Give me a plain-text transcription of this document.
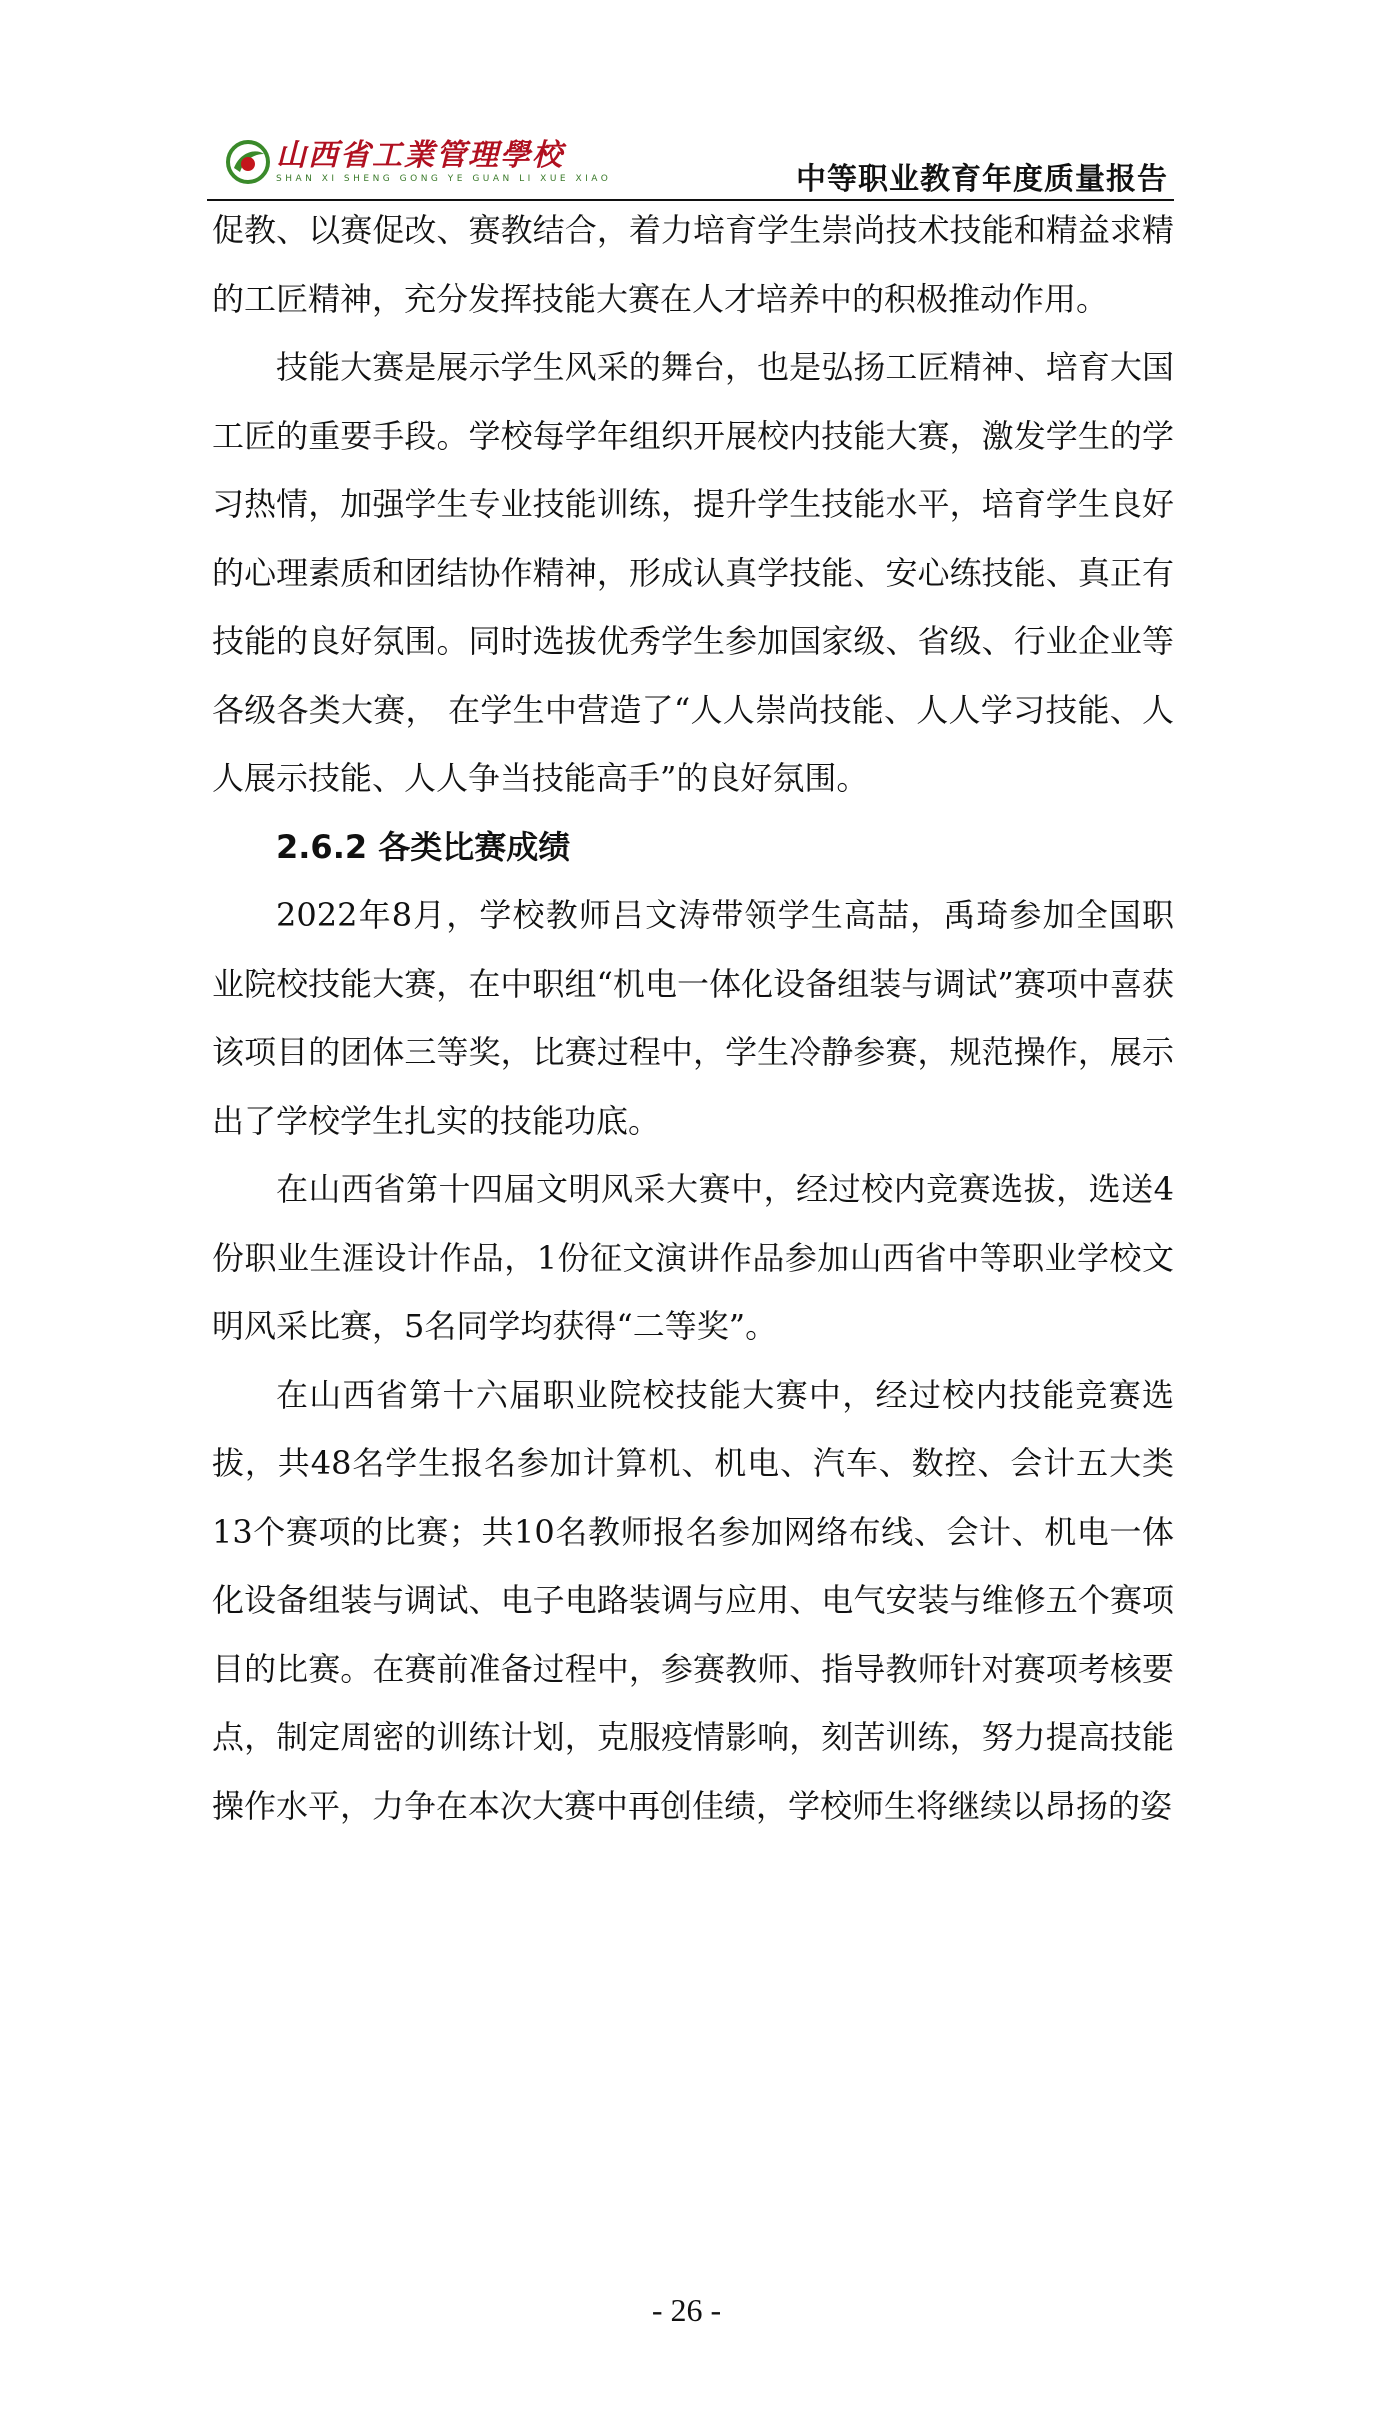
山西省工業管理學校
SHAN XI SHENG GONG YE GUAN LI XUE XIAO	中等职业教育年度质量报告

促教、以赛促改、赛教结合，着力培育学生崇尚技术技能和精益求精的工匠精神，充分发挥技能大赛在人才培养中的积极推动作用。

技能大赛是展示学生风采的舞台，也是弘扬工匠精神、培育大国工匠的重要手段。学校每学年组织开展校内技能大赛，激发学生的学习热情，加强学生专业技能训练，提升学生技能水平，培育学生良好的心理素质和团结协作精神，形成认真学技能、安心练技能、真正有技能的良好氛围。同时选拔优秀学生参加国家级、省级、行业企业等各级各类大赛， 在学生中营造了“人人崇尚技能、人人学习技能、人人展示技能、人人争当技能高手”的良好氛围。

2.6.2 各类比赛成绩

2022年8月，学校教师吕文涛带领学生高喆，禹琦参加全国职业院校技能大赛，在中职组“机电一体化设备组装与调试”赛项中喜获该项目的团体三等奖，比赛过程中，学生冷静参赛，规范操作，展示出了学校学生扎实的技能功底。

在山西省第十四届文明风采大赛中，经过校内竞赛选拔，选送4份职业生涯设计作品，1份征文演讲作品参加山西省中等职业学校文明风采比赛，5名同学均获得“二等奖”。

在山西省第十六届职业院校技能大赛中，经过校内技能竞赛选拔，共48名学生报名参加计算机、机电、汽车、数控、会计五大类13个赛项的比赛；共10名教师报名参加网络布线、会计、机电一体化设备组装与调试、电子电路装调与应用、电气安装与维修五个赛项目的比赛。在赛前准备过程中，参赛教师、指导教师针对赛项考核要点，制定周密的训练计划，克服疫情影响，刻苦训练，努力提高技能操作水平，力争在本次大赛中再创佳绩，学校师生将继续以昂扬的姿

- 26 -
